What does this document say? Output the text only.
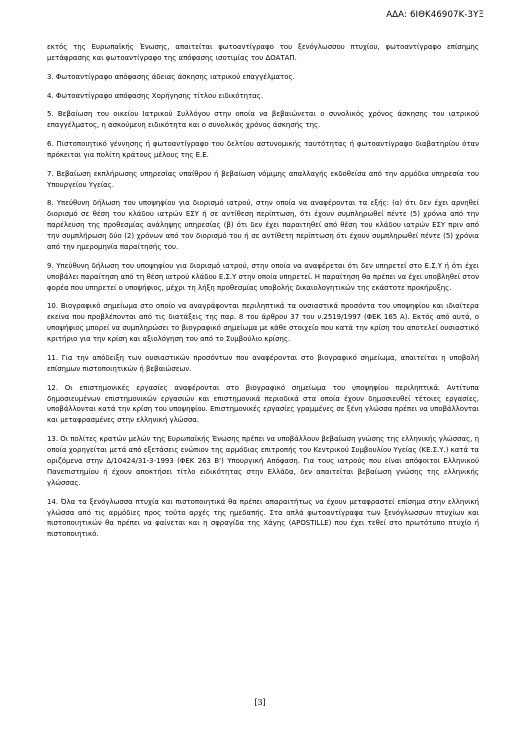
ΑΔΑ: 6ΙΘΚ46907Κ-3ΥΞ

εκτός της Ευρωπαϊκής Ένωσης, απαιτείται φωτοαντίγραφο του ξενόγλωσσου πτυχίου, φωτοαντίγραφο επίσημης μετάφρασης και φωτοαντίγραφο της απόφασης ισοτιμίας του ΔΟΑΤΑΠ.

3. Φωτοαντίγραφο απόφασης άδειας άσκησης ιατρικού επαγγέλματος.

4. Φωτοαντίγραφο απόφασης Χορήγησης τίτλου ειδικότητας.

5. Βεβαίωση του οικείου Ιατρικού Συλλόγου στην οποία να βεβαιώνεται ο συνολικός χρόνος άσκησης του ιατρικού επαγγέλματος, η ασκούμενη ειδικότητα και ο συνολικός χρόνος άσκησής της.

6. Πιστοποιητικό γέννησης ή φωτοαντίγραφο του δελτίου αστυνομικής ταυτότητας ή φωτοαντίγραφο διαβατηρίου όταν πρόκειται για πολίτη κράτους μέλους της Ε.Ε.

7. Βεβαίωση εκπλήρωσης υπηρεσίας υπαίθρου ή βεβαίωση νόμιμης απαλλαγής εκδοθείσα από την αρμόδια υπηρεσία του Υπουργείου Υγείας.

8. Υπεύθυνη δήλωση του υποψηφίου για διορισμό ιατρού, στην οποία να αναφέρονται τα εξής: (α) ότι δεν έχει αρνηθεί διορισμό σε θέση του κλάδου ιατρών ΕΣΥ ή σε αντίθεση περίπτωση, ότι έχουν συμπληρωθεί πέντε (5) χρόνια από την παρέλευση της προθεσμίας ανάληψης υπηρεσίας (β) ότι δεν έχει παραιτηθεί από θέση του κλάδου ιατρών ΕΣΥ πριν από την συμπλήρωση δύο (2) χρόνων από τον διορισμό του ή σε αντίθετη περίπτωση ότι έχουν συμπληρωθεί πέντε (5) χρόνια από την ημερομηνία παραίτησής του.

9. Υπεύθυνη δήλωση του υποψηφίου για διορισμό ιατρού, στην οποία να αναφέρεται ότι δεν υπηρετεί στο Ε.Σ.Υ ή ότι έχει υποβάλει παραίτηση από τη θέση ιατρού κλάδου Ε.Σ.Υ στην οποία υπηρετεί. Η παραίτηση θα πρέπει να έχει υποβληθεί στον φορέα που υπηρετεί ο υποψήφιος, μέχρι τη λήξη προθεσμίας υποβολής δικαιολογητικών της εκάστοτε προκήρυξης.

10. Βιογραφικό σημείωμα στο οποίο να αναγράφονται περιληπτικά τα ουσιαστικά προσόντα του υποψηφίου και ιδιαίτερα εκείνα που προβλέπονται από τις διατάξεις της παρ. 8 του άρθρου 37 του ν.2519/1997 (ΦΕΚ 165 Α). Εκτός από αυτά, ο υποψήφιος μπορεί να συμπληρώσει το βιογραφικό σημείωμα με κάθε στοιχείο που κατά την κρίση του αποτελεί ουσιαστικό κριτήριο για την κρίση και αξιολόγηση του από το Συμβούλιο κρίσης.

11. Για την απόδειξη των ουσιαστικών προσόντων που αναφέρονται στο βιογραφικό σημείωμα, απαιτείται η υποβολή επίσημων πιστοποιητικών ή βεβαιώσεων.

12. Οι επιστημονικές εργασίες αναφέρονται στο βιογραφικό σημείωμα του υποψηφίου περιληπτικά. Αντίτυπα δημοσιευμένων επιστημονικών εργασιών και επιστημονικά περιοδικά στα οποία έχουν δημοσιευθεί τέτοιες εργασίες, υποβάλλονται κατά την κρίση του υποψηφίου. Επιστημονικές εργασίες γραμμένες σε ξένη γλώσσα πρέπει να υποβάλλονται και μεταφρασμένες στην ελληνική γλώσσα.

13. Οι πολίτες κρατών μελών της Ευρωπαϊκής Ένωσης πρέπει να υποβάλλουν βεβαίωση γνώσης της ελληνικής γλώσσας, η οποία χορηγείται μετά από εξετάσεις ενώπιον της αρμόδιας επιτροπής του Κεντρικού Συμβουλίου Υγείας (ΚΕ.Σ.Υ.) κατά τα οριζόμενα στην Δ/10424/31-3-1993 (ΦΕΚ 263 Β') Υπουργική Απόφαση. Για τους ιατρούς που είναι απόφοιτοι Ελληνικού Πανεπιστημίου ή έχουν αποκτήσει τίτλο ειδικότητας στην Ελλάδα, δεν απαιτείται βεβαίωση γνώσης της ελληνικής γλώσσας.

14. Όλα τα ξενόγλωσσα πτυχία και πιστοποιητικά θα πρέπει απαραιτήτως να έχουν μεταφραστεί επίσημα στην ελληνική γλώσσα από τις αρμόδιες προς τούτο αρχές της ημεδαπής. Στα απλά φωτοαντίγραφα των ξενόγλωσσων πτυχίων και πιστοποιητικών θα πρέπει να φαίνεται και η σφραγίδα της Χάγης (APOSTILLE) που έχει τεθεί στο πρωτότυπο πτυχίο ή πιστοποιητικό.

[3]
